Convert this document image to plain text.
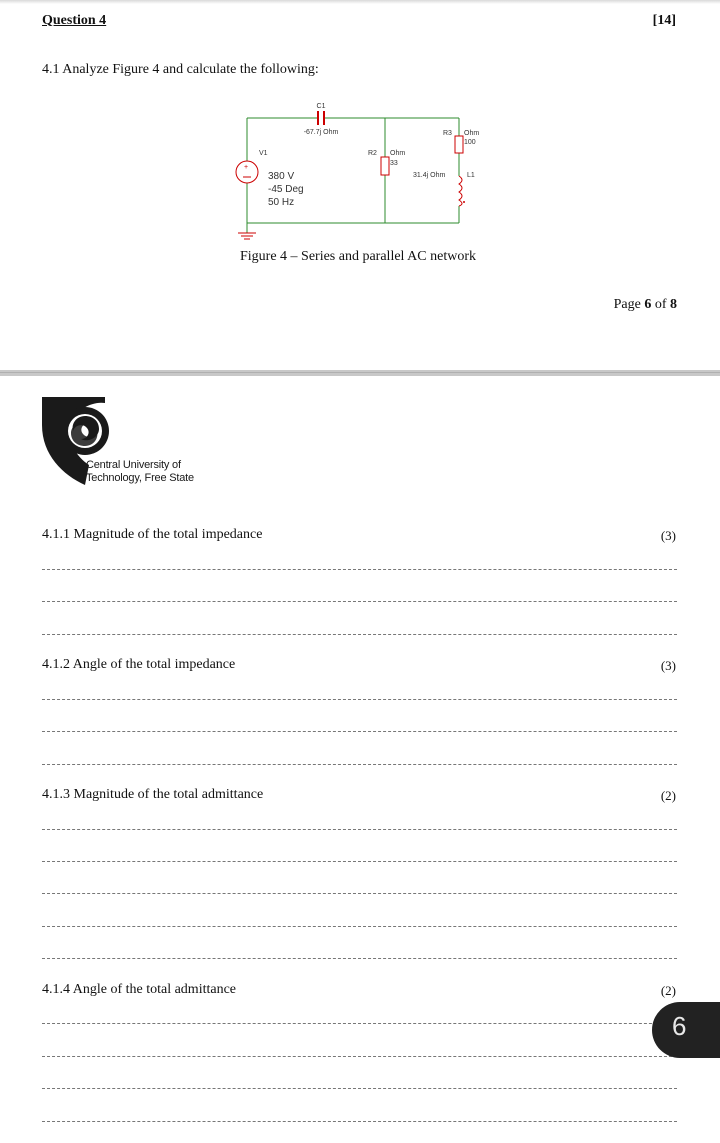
Question 4	[14]
4.1 Analyze Figure 4 and calculate the following:
+
C1
-67.7j Ohm
V1
380 V
-45 Deg
50 Hz
R2 Ohm
33
R3 Ohm
100
31.4j Ohm	L1
Figure 4 – Series and parallel AC network
Page 6 of 8
Central University of
Technology, Free State
4.1.1 Magnitude of the total impedance	(3)
4.1.2 Angle of the total impedance	(3)
4.1.3 Magnitude of the total admittance	(2)
4.1.4 Angle of the total admittance	(2)
6
